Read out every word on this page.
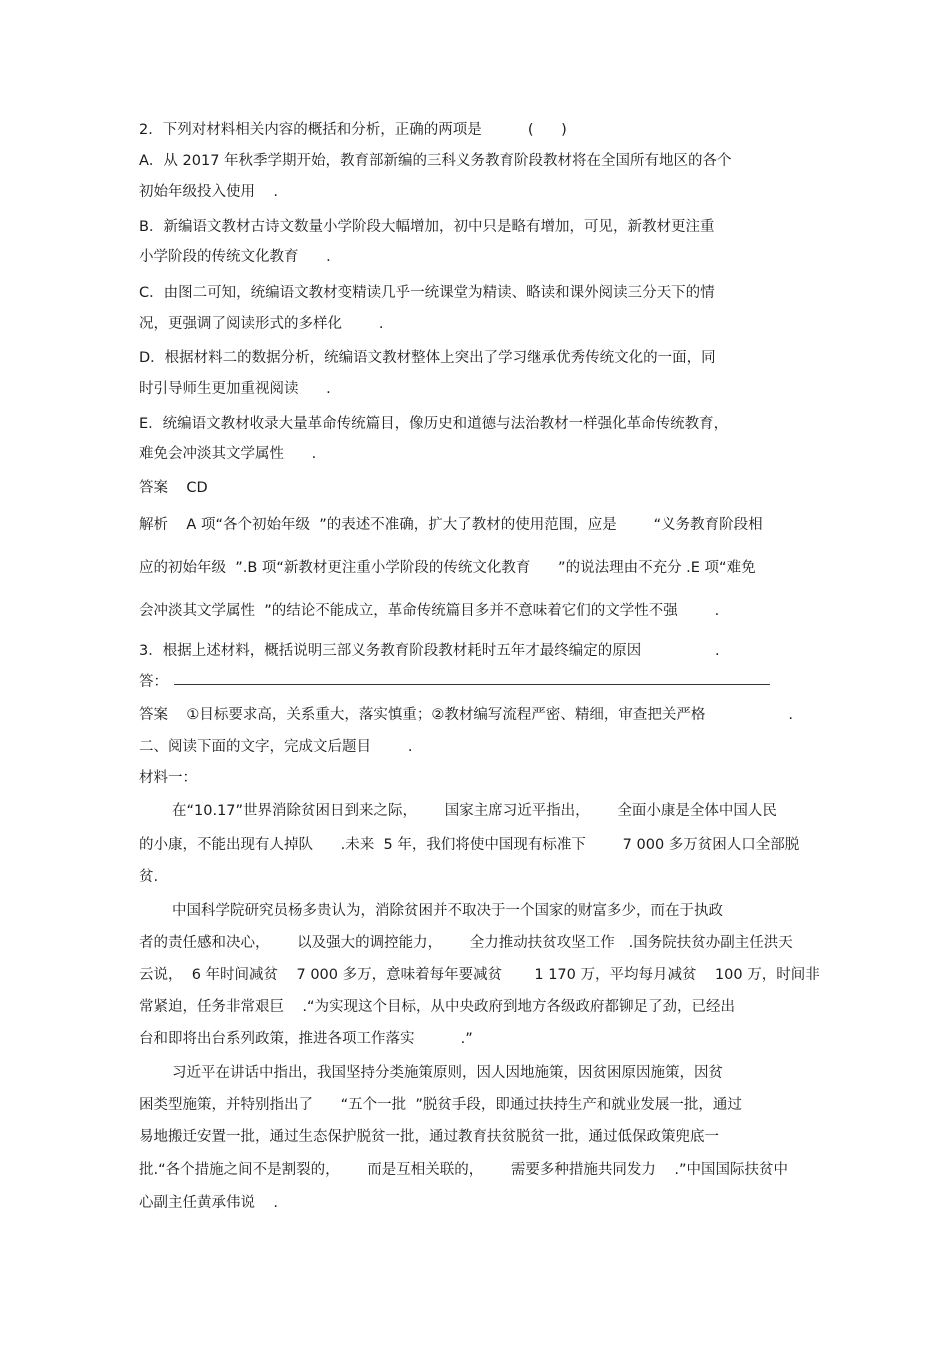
2．下列对材料相关内容的概括和分析，正确的两项是          (      )

A．从 2017 年秋季学期开始，教育部新编的三科义务教育阶段教材将在全国所有地区的各个

初始年级投入使用    .

B．新编语文教材古诗文数量小学阶段大幅增加，初中只是略有增加，可见，新教材更注重

小学阶段的传统文化教育      .

C．由图二可知，统编语文教材变精读几乎一统课堂为精读、略读和课外阅读三分天下的情

况，更强调了阅读形式的多样化        .

D．根据材料二的数据分析，统编语文教材整体上突出了学习继承优秀传统文化的一面，同

时引导师生更加重视阅读      .

E．统编语文教材收录大量革命传统篇目，像历史和道德与法治教材一样强化革命传统教育，

难免会冲淡其文学属性      .

答案    CD

解析    A 项“各个初始年级  ”的表述不准确，扩大了教材的使用范围，应是        “义务教育阶段相

应的初始年级  ”.B 项“新教材更注重小学阶段的传统文化教育      ”的说法理由不充分 .E 项“难免

会冲淡其文学属性  ”的结论不能成立，革命传统篇目多并不意味着它们的文学性不强        .

3．根据上述材料，概括说明三部义务教育阶段教材耗时五年才最终编定的原因                .

答：

答案    ①目标要求高，关系重大，落实慎重；②教材编写流程严密、精细，审查把关严格                  .

二、阅读下面的文字，完成文后题目        .

材料一：

在“10.17”世界消除贫困日到来之际，      国家主席习近平指出，      全面小康是全体中国人民

的小康，不能出现有人掉队      .未来  5 年，我们将使中国现有标准下        7 000 多万贫困人口全部脱

贫.

中国科学院研究员杨多贵认为，消除贫困并不取决于一个国家的财富多少，而在于执政

者的责任感和决心，      以及强大的调控能力，      全力推动扶贫攻坚工作   .国务院扶贫办副主任洪天

云说，  6 年时间减贫    7 000 多万，意味着每年要减贫       1 170 万，平均每月减贫    100 万，时间非

常紧迫，任务非常艰巨    .“为实现这个目标，从中央政府到地方各级政府都铆足了劲，已经出

台和即将出台系列政策，推进各项工作落实          .”

习近平在讲话中指出，我国坚持分类施策原则，因人因地施策，因贫困原因施策，因贫

困类型施策，并特别指出了      “五个一批  ”脱贫手段，即通过扶持生产和就业发展一批，通过

易地搬迁安置一批，通过生态保护脱贫一批，通过教育扶贫脱贫一批，通过低保政策兜底一

批.“各个措施之间不是割裂的，      而是互相关联的，      需要多种措施共同发力    .”中国国际扶贫中

心副主任黄承伟说    .
